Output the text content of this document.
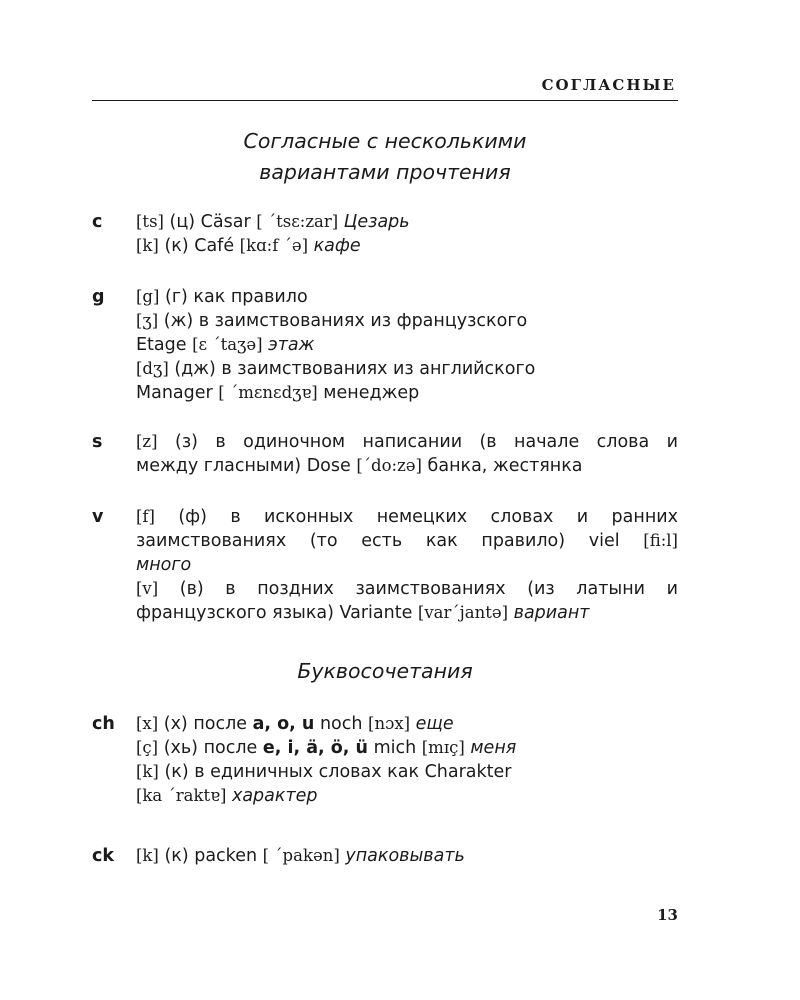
СОГЛАСНЫЕ
Согласные с несколькими
вариантами прочтения
c [ts] (ц) Cäsar [ ˊtsɛ:zar] Цезарь
[k] (к) Café [kɑ:f ˊə] кафе
g [g] (г) как правило
[ʒ] (ж) в заимствованиях из французского
Etage [ɛ ˊtaʒə] этаж
[dʒ] (дж) в заимствованиях из английского
Manager [ ˊmɛnɛdʒɐ] менеджер
s [z] (з) в одиночном написании (в начале слова и
между гласными) Dose [ˊdo:zə] банка, жестянка
v [f] (ф) в исконных немецких словах и ранних
заимствованиях (то есть как правило) viel [fi:l]
много
[v] (в) в поздних заимствованиях (из латыни и
французского языка) Variante [varˊjantə] вариант
Буквосочетания
ch [x] (х) после a, o, u noch [nɔx] еще
[ç] (хь) после e, i, ä, ö, ü mich [mɪç] меня
[k] (к) в единичных словах как Charakter
[ka ˊraktɐ] характер
ck [k] (к) packen [ ˊpakən] упаковывать
13
